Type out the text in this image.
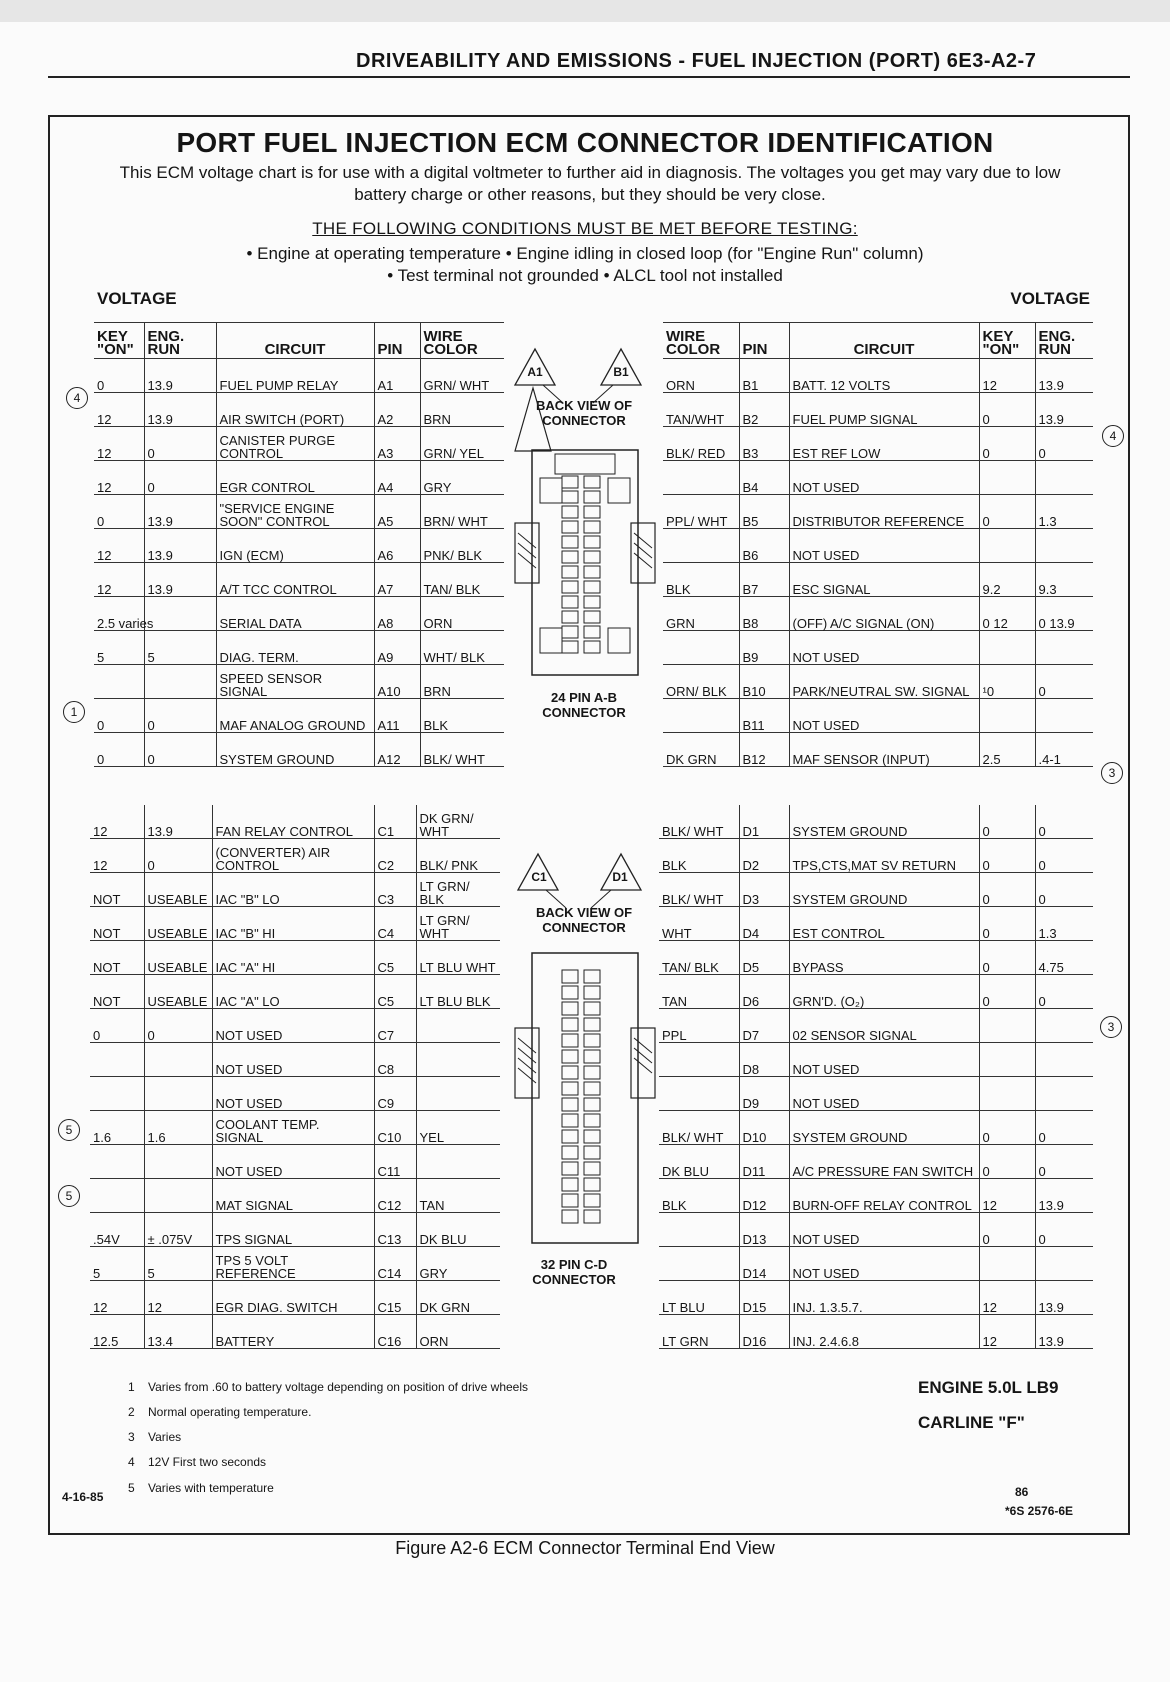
DRIVEABILITY AND EMISSIONS - FUEL INJECTION (PORT) 6E3-A2-7
PORT FUEL INJECTION ECM CONNECTOR IDENTIFICATION
This ECM voltage chart is for use with a digital voltmeter to further aid in diagnosis. The voltages you get may vary due to low battery charge or other reasons, but they should be very close.
THE FOLLOWING CONDITIONS MUST BE MET BEFORE TESTING:
• Engine at operating temperature • Engine idling in closed loop (for "Engine Run" column)
• Test terminal not grounded • ALCL tool not installed
VOLTAGE				
KEY "ON"	ENG. RUN	CIRCUIT	PIN	WIRE COLOR
0	13.9	FUEL PUMP RELAY	A1	GRN/ WHT
12	13.9	AIR SWITCH (PORT)	A2	BRN
12	0	CANISTER PURGE CONTROL	A3	GRN/ YEL
12	0	EGR CONTROL	A4	GRY
0	13.9	"SERVICE ENGINE SOON" CONTROL	A5	BRN/ WHT
12	13.9	IGN (ECM)	A6	PNK/ BLK
12	13.9	A/T TCC CONTROL	A7	TAN/ BLK
2.5 varies		SERIAL DATA	A8	ORN
5	5	DIAG. TERM.	A9	WHT/ BLK
		SPEED SENSOR SIGNAL	A10	BRN
0	0	MAF ANALOG GROUND	A11	BLK
0	0	SYSTEM GROUND	A12	BLK/ WHT
VOLTAGE				
WIRE COLOR	PIN	CIRCUIT	KEY "ON"	ENG. RUN
ORN	B1	BATT. 12 VOLTS	12	13.9
TAN/WHT	B2	FUEL PUMP SIGNAL	0	13.9
BLK/ RED	B3	EST REF LOW	0	0
	B4	NOT USED		
PPL/ WHT	B5	DISTRIBUTOR REFERENCE	0	1.3
	B6	NOT USED		
BLK	B7	ESC SIGNAL	9.2	9.3
GRN	B8	(OFF) A/C SIGNAL (ON)	0 12	0 13.9
	B9	NOT USED		
ORN/ BLK	B10	PARK/NEUTRAL SW. SIGNAL	¹0	0
	B11	NOT USED		
DK GRN	B12	MAF SENSOR (INPUT)	2.5	.4-1
12	13.9	FAN RELAY CONTROL	C1	DK GRN/ WHT
12	0	(CONVERTER) AIR CONTROL	C2	BLK/ PNK
NOT	USEABLE	IAC "B" LO	C3	LT GRN/ BLK
NOT	USEABLE	IAC "B" HI	C4	LT GRN/ WHT
NOT	USEABLE	IAC "A" HI	C5	LT BLU WHT
NOT	USEABLE	IAC "A" LO	C5	LT BLU BLK
0	0	NOT USED	C7	
		NOT USED	C8	
		NOT USED	C9	
1.6	1.6	COOLANT TEMP. SIGNAL	C10	YEL
		NOT USED	C11	
		MAT SIGNAL	C12	TAN
.54V	± .075V	TPS SIGNAL	C13	DK BLU
5	5	TPS 5 VOLT REFERENCE	C14	GRY
12	12	EGR DIAG. SWITCH	C15	DK GRN
12.5	13.4	BATTERY	C16	ORN
BLK/ WHT	D1	SYSTEM GROUND	0	0
BLK	D2	TPS,CTS,MAT SV RETURN	0	0
BLK/ WHT	D3	SYSTEM GROUND	0	0
WHT	D4	EST CONTROL	0	1.3
TAN/ BLK	D5	BYPASS	0	4.75
TAN	D6	GRN'D. (O₂)	0	0
PPL	D7	02 SENSOR SIGNAL		
	D8	NOT USED		
	D9	NOT USED		
BLK/ WHT	D10	SYSTEM GROUND	0	0
DK BLU	D11	A/C PRESSURE FAN SWITCH	0	0
BLK	D12	BURN-OFF RELAY CONTROL	12	13.9
	D13	NOT USED	0	0
	D14	NOT USED		
LT BLU	D15	INJ. 1.3.5.7.	12	13.9
LT GRN	D16	INJ. 2.4.6.8	12	13.9
A1	B1
BACK VIEW OF CONNECTOR
24 PIN A-B CONNECTOR
C1	D1
BACK VIEW OF CONNECTOR
32 PIN C-D CONNECTOR
4
1
5
5
4
3
3
1 Varies from .60 to battery voltage depending on position of drive wheels
2 Normal operating temperature.
3 Varies
4 12V First two seconds
5 Varies with temperature
ENGINE 5.0L LB9
CARLINE "F"
4-16-85	86
*6S 2576-6E
Figure A2-6 ECM Connector Terminal End View
